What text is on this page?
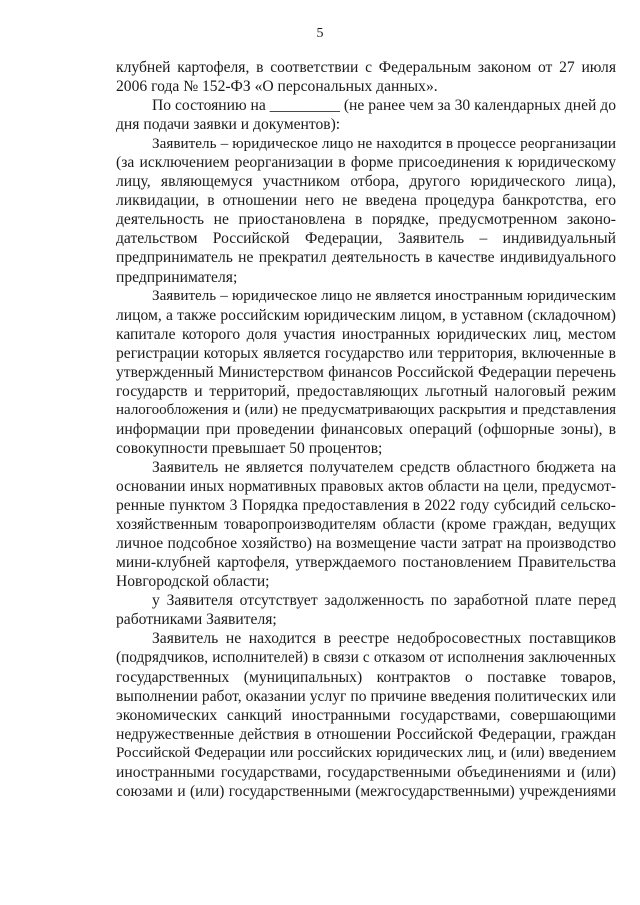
5
клубней картофеля, в соответствии с Федеральным законом от 27 июля
2006 года № 152-ФЗ «О персональных данных».
По состоянию на _________ (не ранее чем за 30 календарных дней до
дня подачи заявки и документов):
Заявитель – юридическое лицо не находится в процессе реорганизации
(за исключением реорганизации в форме присоединения к юридическому
лицу, являющемуся участником отбора, другого юридического лица),
ликвидации, в отношении него не введена процедура банкротства, его
деятельность не приостановлена в порядке, предусмотренном законо-
дательством Российской Федерации, Заявитель – индивидуальный
предприниматель не прекратил деятельность в качестве индивидуального
предпринимателя;
Заявитель – юридическое лицо не является иностранным юридическим
лицом, а также российским юридическим лицом, в уставном (складочном)
капитале которого доля участия иностранных юридических лиц, местом
регистрации которых является государство или территория, включенные в
утвержденный Министерством финансов Российской Федерации перечень
государств и территорий, предоставляющих льготный налоговый режим
налогообложения и (или) не предусматривающих раскрытия и представления
информации при проведении финансовых операций (офшорные зоны), в
совокупности превышает 50 процентов;
Заявитель не является получателем средств областного бюджета на
основании иных нормативных правовых актов области на цели, предусмот-
ренные пунктом 3 Порядка предоставления в 2022 году субсидий сельско-
хозяйственным товаропроизводителям области (кроме граждан, ведущих
личное подсобное хозяйство) на возмещение части затрат на производство
мини-клубней картофеля, утверждаемого постановлением Правительства
Новгородской области;
у Заявителя отсутствует задолженность по заработной плате перед
работниками Заявителя;
Заявитель не находится в реестре недобросовестных поставщиков
(подрядчиков, исполнителей) в связи с отказом от исполнения заключенных
государственных (муниципальных) контрактов о поставке товаров,
выполнении работ, оказании услуг по причине введения политических или
экономических санкций иностранными государствами, совершающими
недружественные действия в отношении Российской Федерации, граждан
Российской Федерации или российских юридических лиц, и (или) введением
иностранными государствами, государственными объединениями и (или)
союзами и (или) государственными (межгосударственными) учреждениями
